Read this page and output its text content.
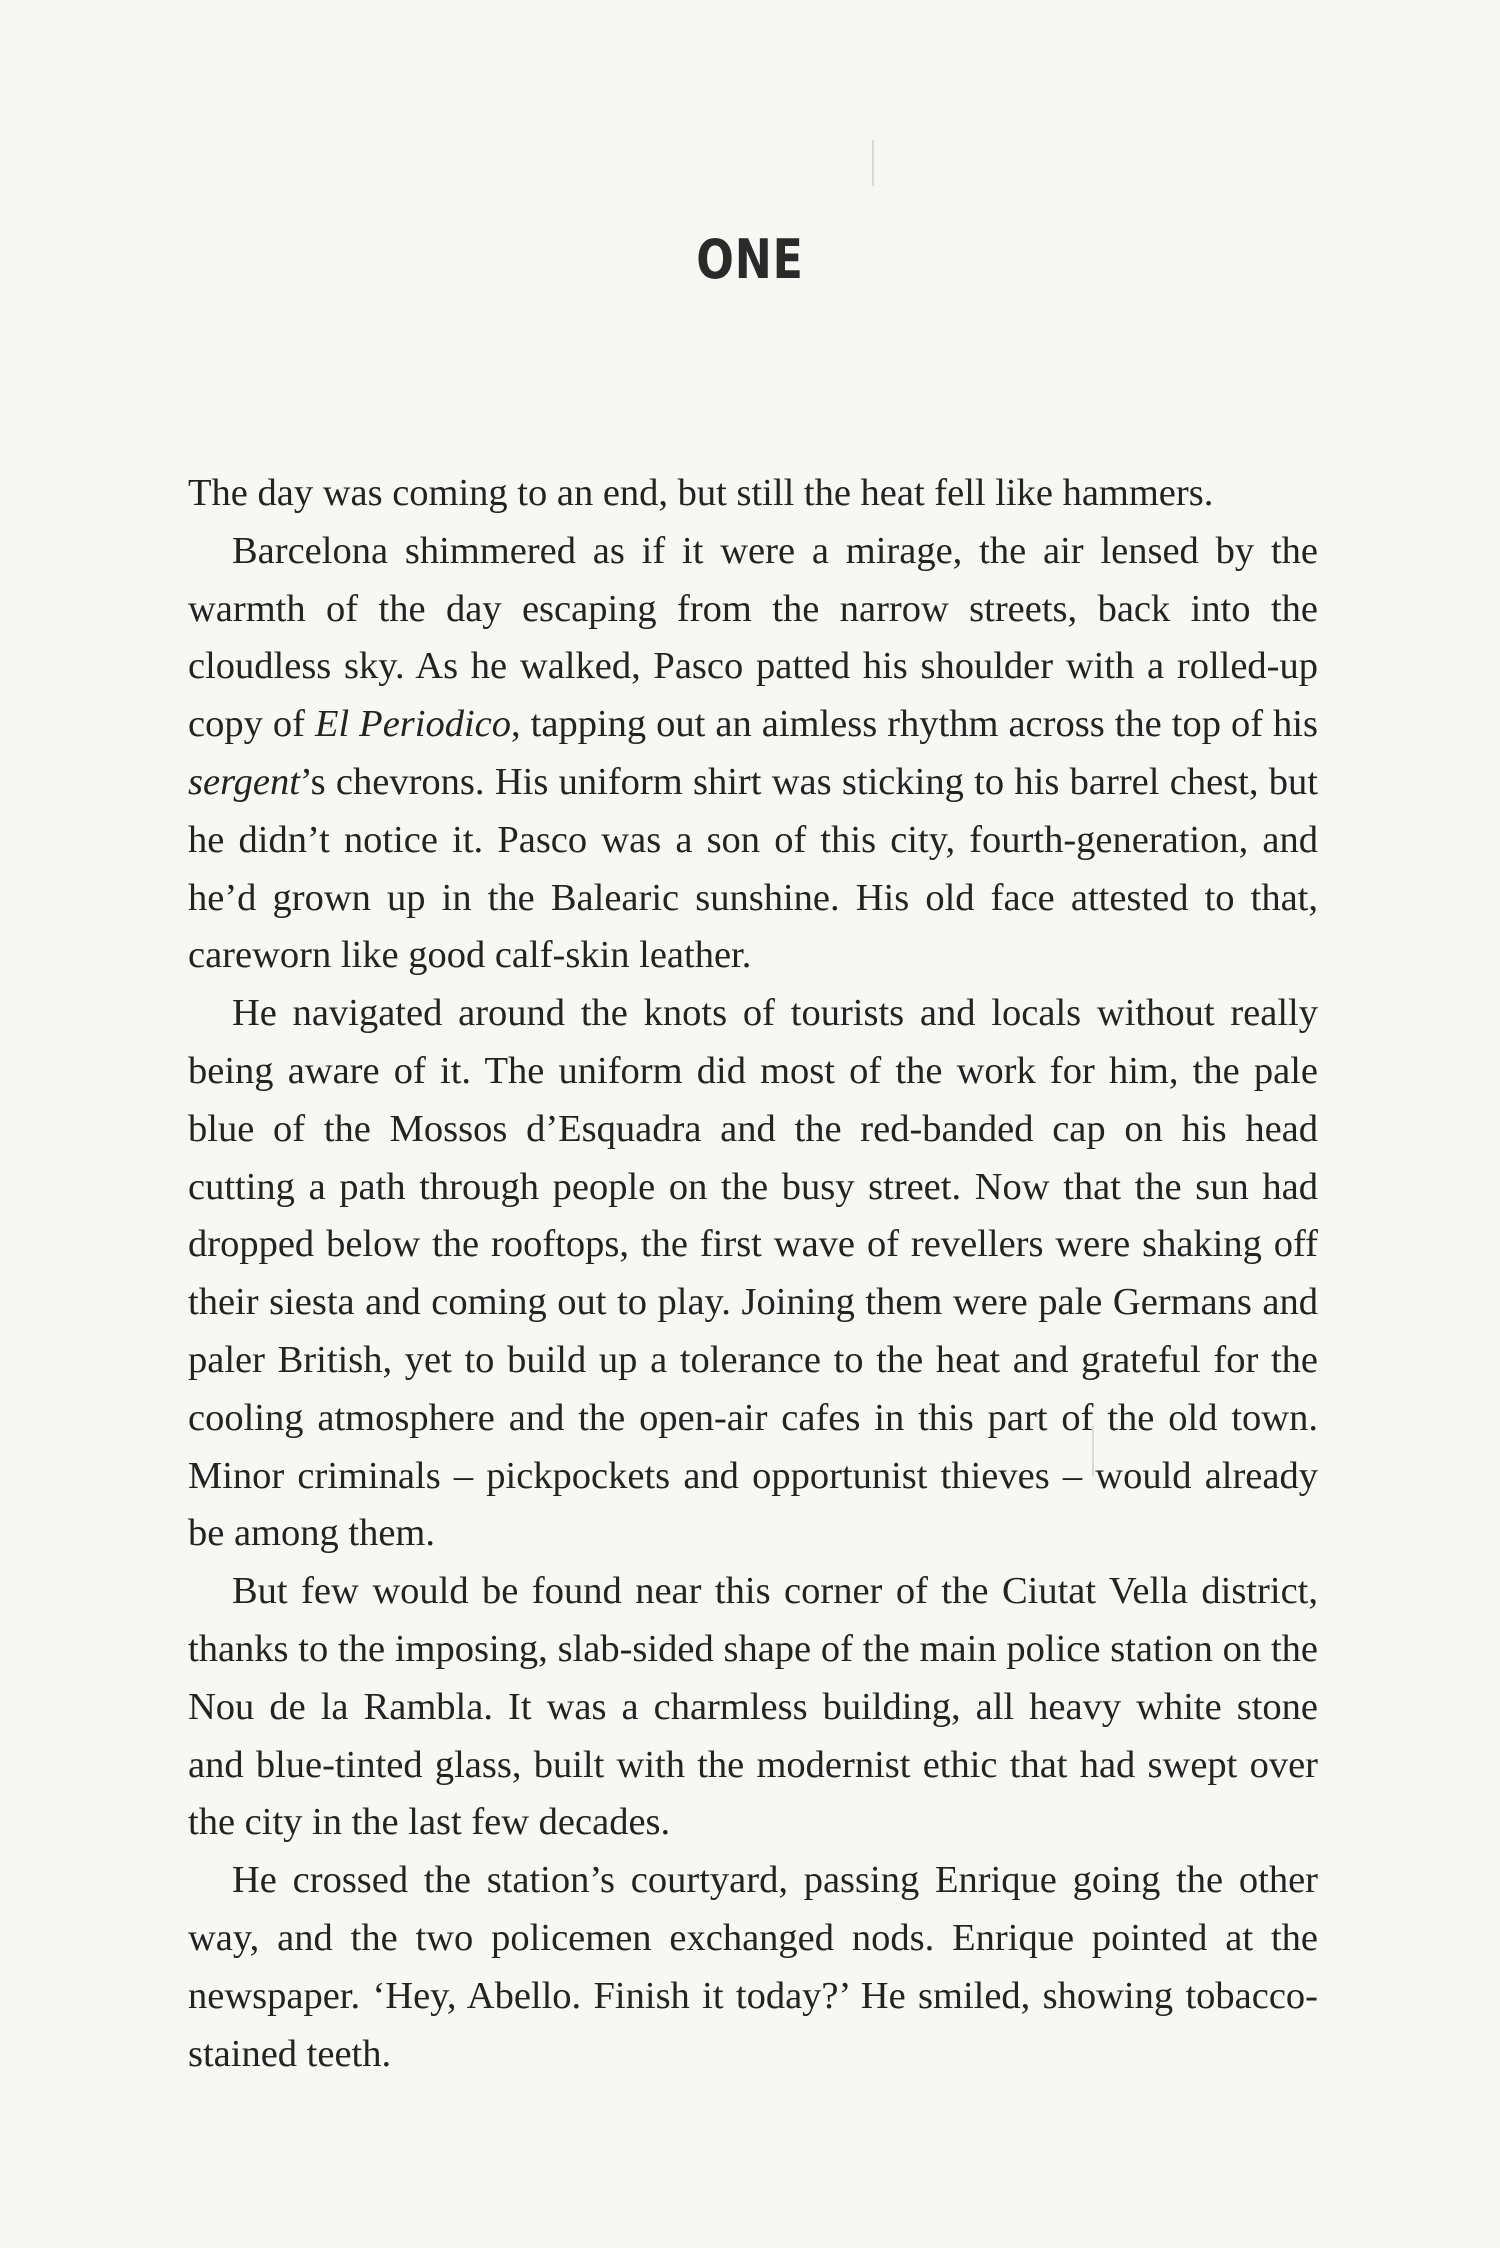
ONE

The day was coming to an end, but still the heat fell like hammers.

Barcelona shimmered as if it were a mirage, the air lensed by the warmth of the day escaping from the narrow streets, back into the cloudless sky. As he walked, Pasco patted his shoulder with a rolled-up copy of El Periodico, tapping out an aimless rhythm across the top of his sergent’s chevrons. His uniform shirt was sticking to his barrel chest, but he didn’t notice it. Pasco was a son of this city, fourth-generation, and he’d grown up in the Balearic sunshine. His old face attested to that, careworn like good calf-skin leather.

He navigated around the knots of tourists and locals without really being aware of it. The uniform did most of the work for him, the pale blue of the Mossos d’Esquadra and the red-banded cap on his head cutting a path through people on the busy street. Now that the sun had dropped below the rooftops, the first wave of revellers were shaking off their siesta and coming out to play. Joining them were pale Germans and paler British, yet to build up a tolerance to the heat and grateful for the cooling atmosphere and the open-air cafes in this part of the old town. Minor criminals – pickpockets and opportunist thieves – would already be among them.

But few would be found near this corner of the Ciutat Vella district, thanks to the imposing, slab-sided shape of the main police station on the Nou de la Rambla. It was a charmless building, all heavy white stone and blue-tinted glass, built with the modernist ethic that had swept over the city in the last few decades.

He crossed the station’s courtyard, passing Enrique going the other way, and the two policemen exchanged nods. Enrique pointed at the newspaper. ‘Hey, Abello. Finish it today?’ He smiled, showing tobacco-stained teeth.
